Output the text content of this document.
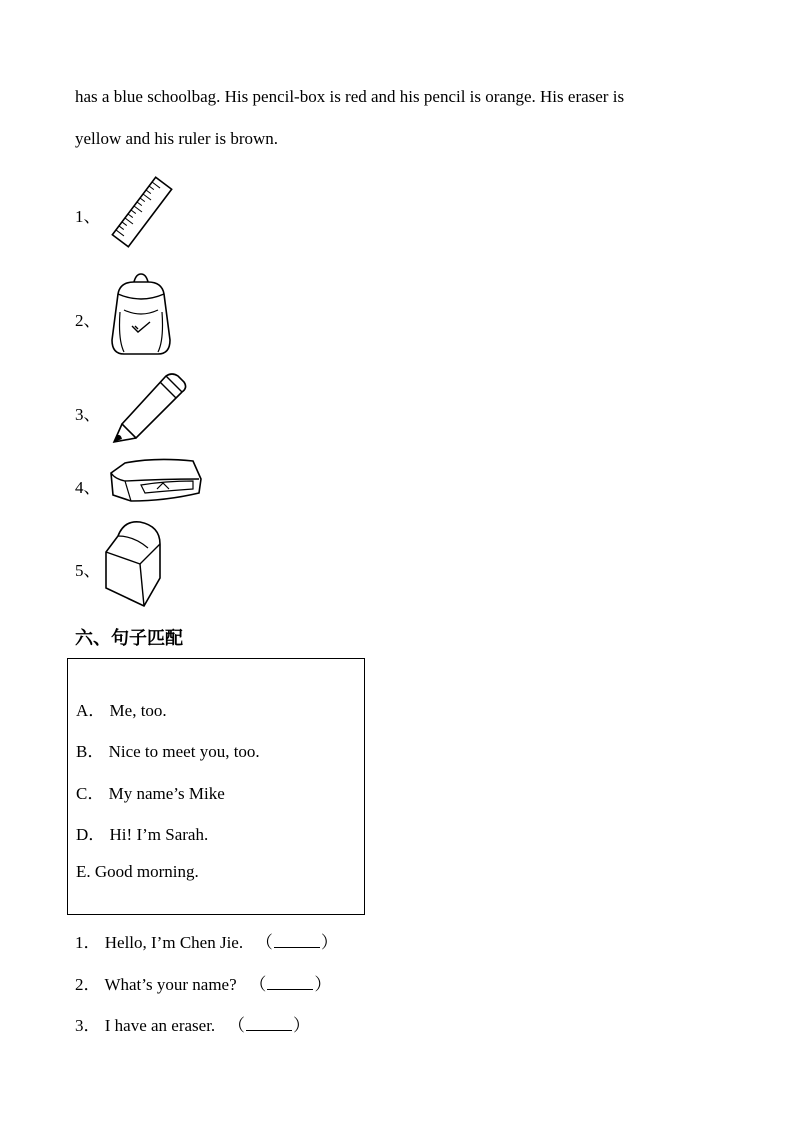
has a blue schoolbag. His pencil-box is red and his pencil is orange. His eraser is
yellow and his ruler is brown.
1、
2、
3、
4、
5、
六、句子匹配
A． Me, too.
B． Nice to meet you, too.
C． My name’s Mike
D． Hi! I’m Sarah.
E. Good morning.
1． Hello, I’m Chen Jie. （	）
2． What’s your name? （	）
3． I have an eraser. （	）
